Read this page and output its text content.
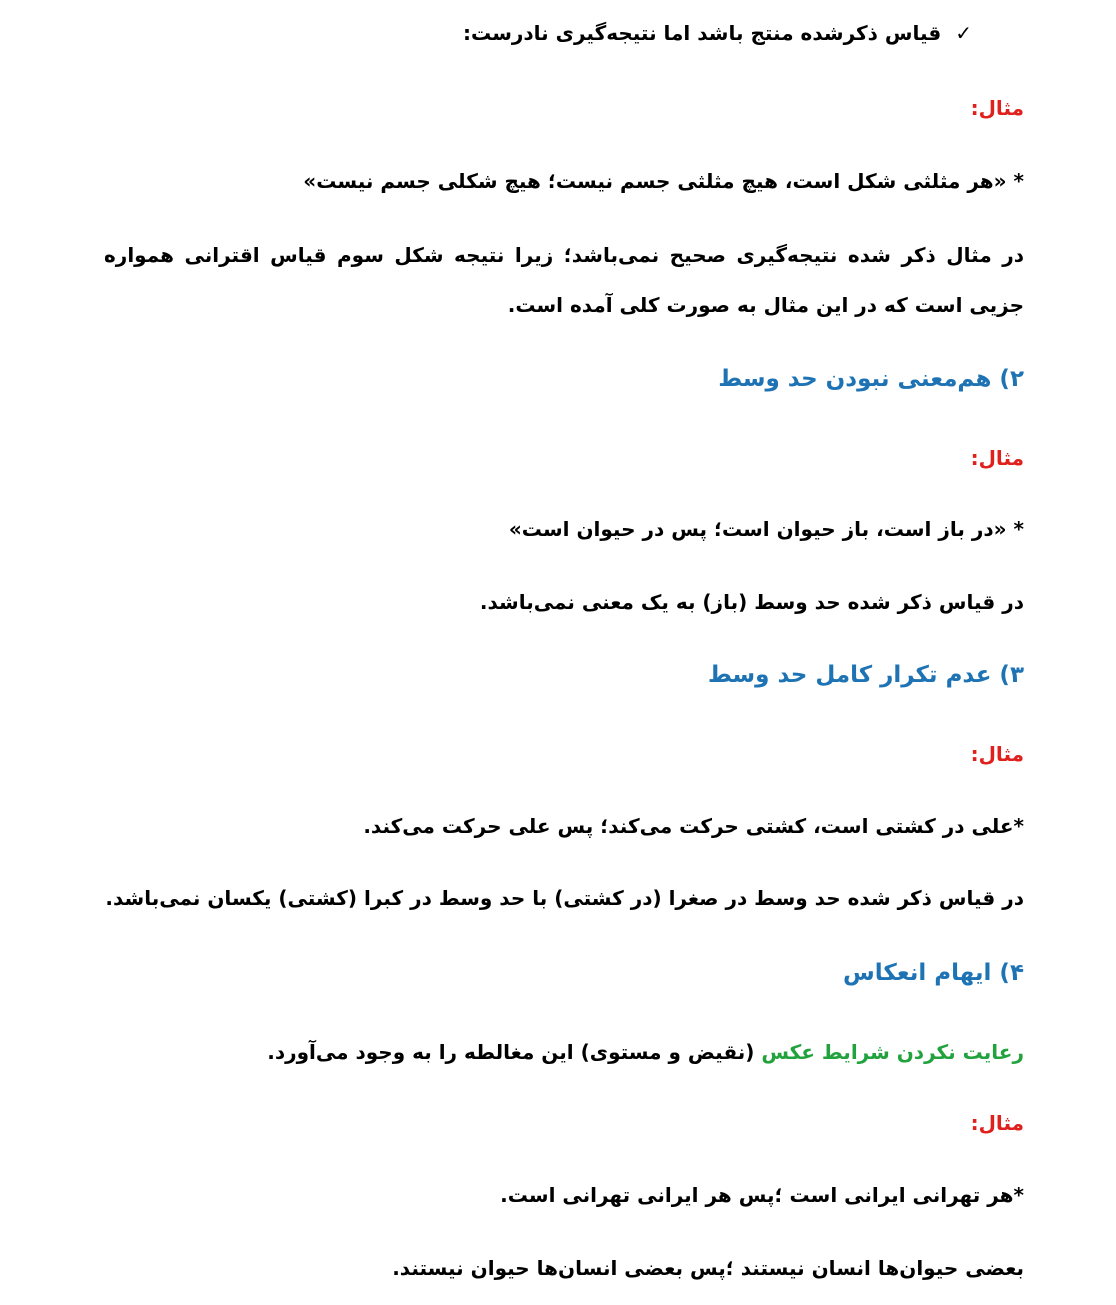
✓قیاس ذکرشده منتج باشد اما نتیجه‌گیری نادرست:
مثال:
* «هر مثلثی شکل است، هیچ مثلثی جسم نیست؛ هیچ شکلی جسم نیست»
در مثال ذکر شده نتیجه‌گیری صحیح نمی‌باشد؛ زیرا نتیجه شکل سوم قیاس اقترانی همواره جزیی است که در این مثال به صورت کلی آمده است.
۲) هم‌معنی نبودن حد وسط
مثال:
* «در باز است، باز حیوان است؛ پس در حیوان است»
در قیاس ذکر شده حد وسط (باز) به یک معنی نمی‌باشد.
۳) عدم تکرار کامل حد وسط
مثال:
*علی در کشتی است، کشتی حرکت می‌کند؛ پس علی حرکت می‌کند.
در قیاس ذکر شده حد وسط در صغرا (در کشتی) با حد وسط در کبرا (کشتی) یکسان نمی‌باشد.
۴) ایهام انعکاس
رعایت نکردن شرایط عکس (نقیض و مستوی) این مغالطه را به وجود می‌آورد.
مثال:
*هر تهرانی ایرانی است ؛پس هر ایرانی تهرانی است.
بعضی حیوان‌ها انسان نیستند ؛پس بعضی انسان‌ها حیوان نیستند.
